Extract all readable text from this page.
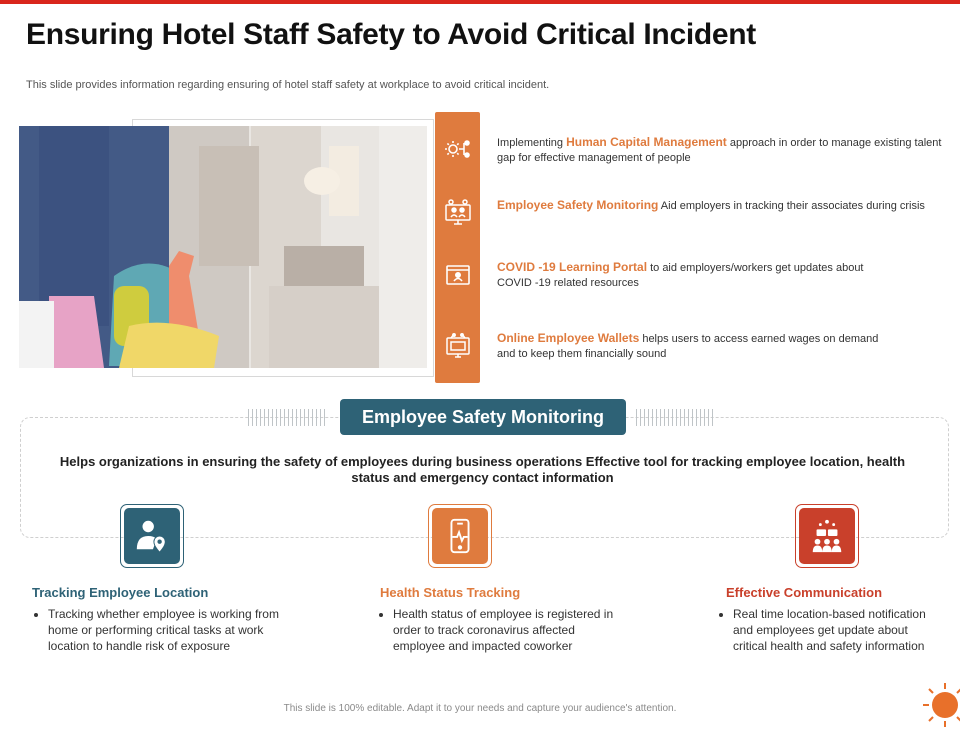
Ensuring Hotel Staff Safety to Avoid Critical Incident
This slide provides information regarding ensuring of hotel staff safety at workplace to avoid critical incident.
Implementing Human Capital Management approach in order to manage existing talent gap for effective management of people
Employee Safety Monitoring Aid employers in tracking their associates during crisis
COVID -19 Learning Portal to aid employers/workers get updates about COVID -19 related resources
Online Employee Wallets helps users to access earned wages on demand and to keep them financially sound
Employee Safety Monitoring
Helps organizations in ensuring the safety of employees during business operations Effective tool for tracking employee location, health status and emergency contact information
Tracking Employee Location	Health Status Tracking	Effective Communication
• Tracking whether employee is working from home or performing critical tasks at work location to handle risk of exposure
• Health status of employee is registered in order to track coronavirus affected employee and impacted coworker
• Real time location-based notification and employees get update about critical health and safety information
This slide is 100% editable. Adapt it to your needs and capture your audience's attention.
